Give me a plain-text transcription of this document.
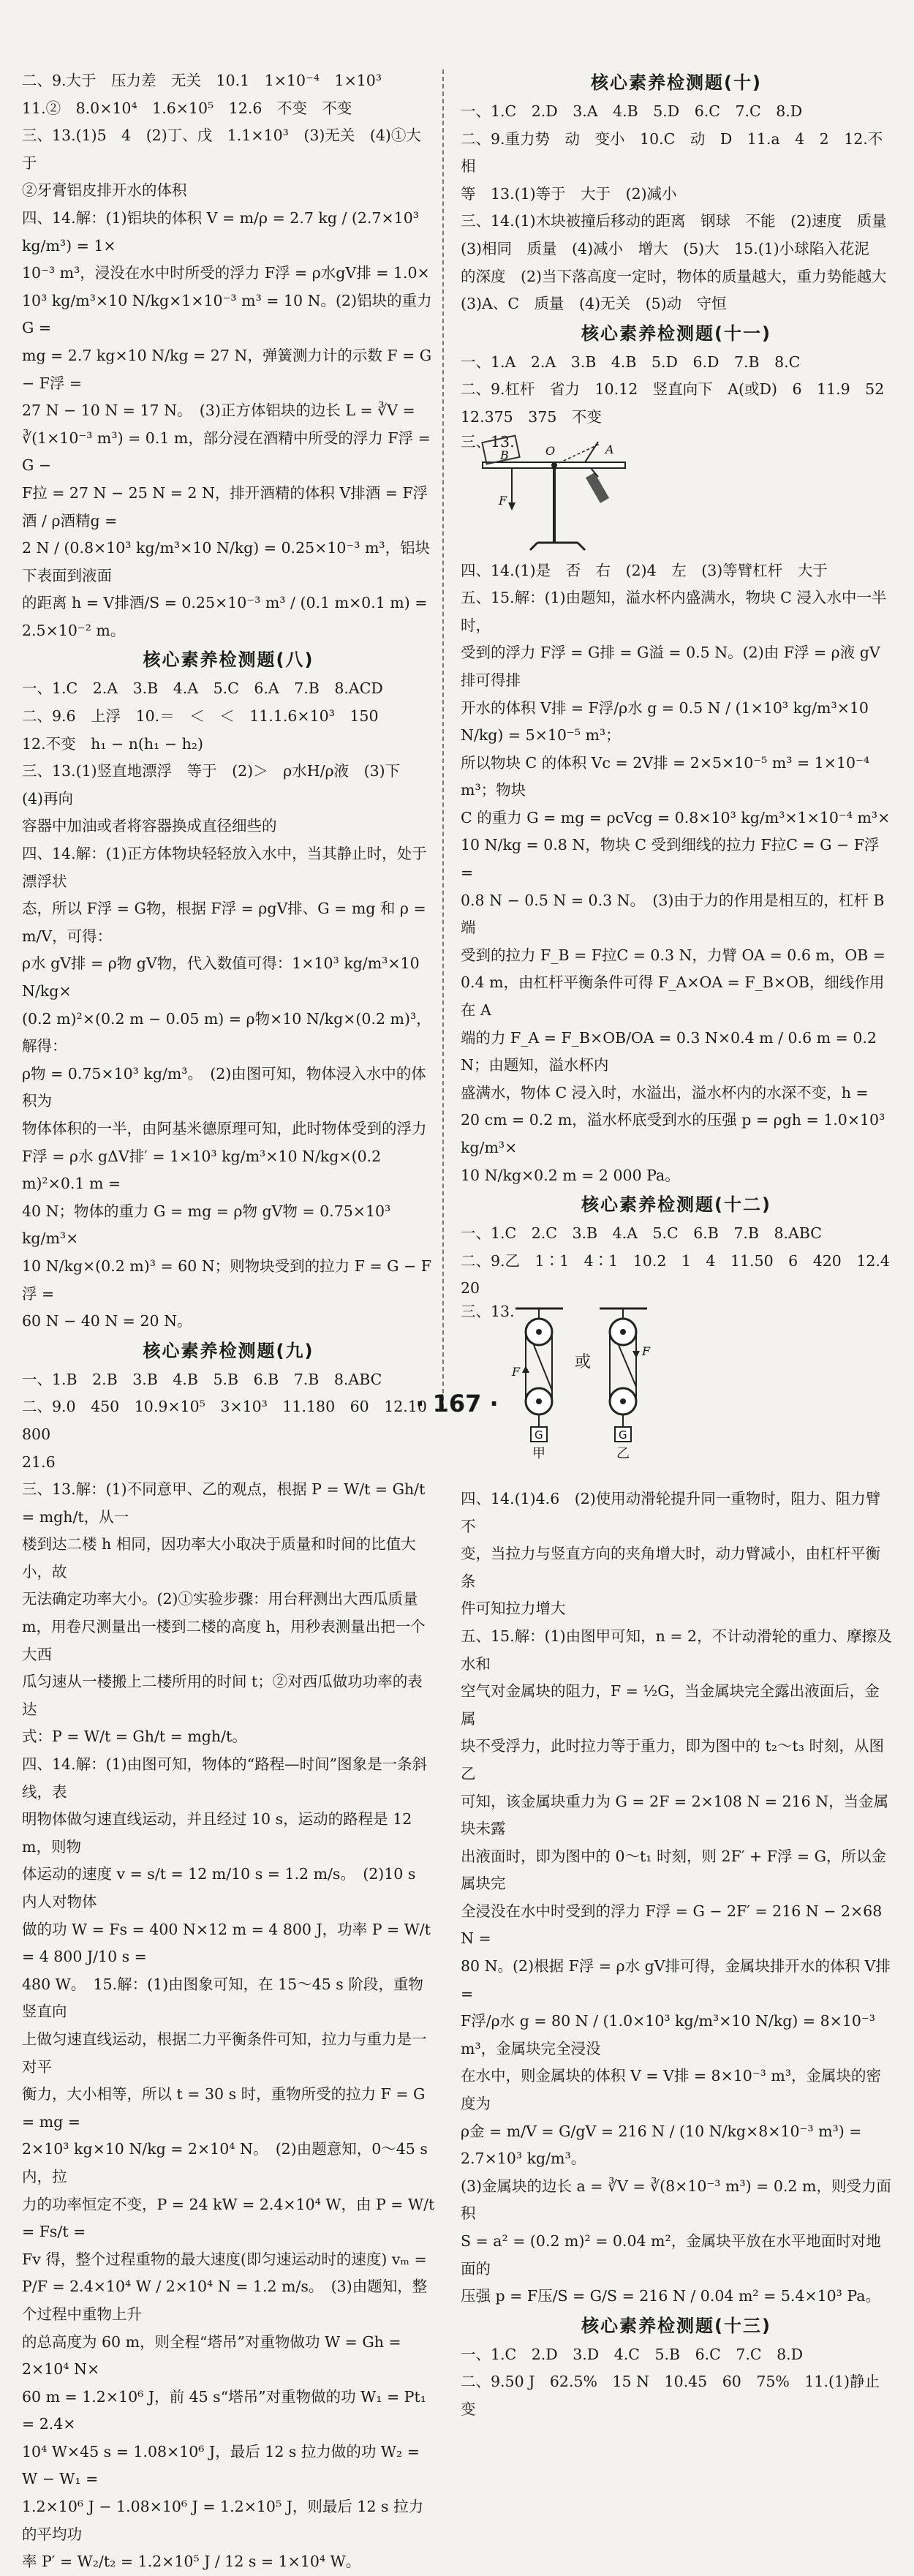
二、9.大于　压力差　无关　10.1　1×10⁻⁴　1×10³

11.②　8.0×10⁴　1.6×10⁵　12.6　不变　不变

三、13.(1)5　4　(2)丁、戊　1.1×10³　(3)无关　(4)①大于

②牙膏铝皮排开水的体积

四、14.解：(1)铝块的体积 V = m/ρ = 2.7 kg / (2.7×10³ kg/m³) = 1×

10⁻³ m³，浸没在水中时所受的浮力 F浮 = ρ水gV排 = 1.0×

10³ kg/m³×10 N/kg×1×10⁻³ m³ = 10 N。(2)铝块的重力G =

mg = 2.7 kg×10 N/kg = 27 N，弹簧测力计的示数 F = G − F浮 =

27 N − 10 N = 17 N。　(3)正方体铝块的边长 L = ∛V =

∛(1×10⁻³ m³) = 0.1 m，部分浸在酒精中所受的浮力 F浮 = G −

F拉 = 27 N − 25 N = 2 N，排开酒精的体积 V排酒 = F浮酒 / ρ酒精g =

2 N / (0.8×10³ kg/m³×10 N/kg) = 0.25×10⁻³ m³，铝块下表面到液面

的距离 h = V排酒/S = 0.25×10⁻³ m³ / (0.1 m×0.1 m) = 2.5×10⁻² m。

核心素养检测题(八)

一、1.C　2.A　3.B　4.A　5.C　6.A　7.B　8.ACD

二、9.6　上浮　10.＝　＜　＜　11.1.6×10³　150

12.不变　h₁ − n(h₁ − h₂)

三、13.(1)竖直地漂浮　等于　(2)＞　ρ水H/ρ液　(3)下　(4)再向

容器中加油或者将容器换成直径细些的

四、14.解：(1)正方体物块轻轻放入水中，当其静止时，处于漂浮状

态，所以 F浮 = G物，根据 F浮 = ρgV排、G = mg 和 ρ = m/V，可得：

ρ水 gV排 = ρ物 gV物，代入数值可得：1×10³ kg/m³×10 N/kg×

(0.2 m)²×(0.2 m − 0.05 m) = ρ物×10 N/kg×(0.2 m)³，解得：

ρ物 = 0.75×10³ kg/m³。　(2)由图可知，物体浸入水中的体积为

物体体积的一半，由阿基米德原理可知，此时物体受到的浮力

F浮 = ρ水 gΔV排′ = 1×10³ kg/m³×10 N/kg×(0.2 m)²×0.1 m =

40 N；物体的重力 G = mg = ρ物 gV物 = 0.75×10³ kg/m³×

10 N/kg×(0.2 m)³ = 60 N；则物块受到的拉力 F = G − F浮 =

60 N − 40 N = 20 N。

核心素养检测题(九)

一、1.B　2.B　3.B　4.B　5.B　6.B　7.B　8.ABC

二、9.0　450　10.9×10⁵　3×10³　11.180　60　12.10 800

21.6

三、13.解：(1)不同意甲、乙的观点，根据 P = W/t = Gh/t = mgh/t，从一

楼到达二楼 h 相同，因功率大小取决于质量和时间的比值大小，故

无法确定功率大小。(2)①实验步骤：用台秤测出大西瓜质量

m，用卷尺测量出一楼到二楼的高度 h，用秒表测量出把一个大西

瓜匀速从一楼搬上二楼所用的时间 t；②对西瓜做功功率的表达

式：P = W/t = Gh/t = mgh/t。

四、14.解：(1)由图可知，物体的“路程—时间”图象是一条斜线，表

明物体做匀速直线运动，并且经过 10 s，运动的路程是 12 m，则物

体运动的速度 v = s/t = 12 m/10 s = 1.2 m/s。　(2)10 s 内人对物体

做的功 W = Fs = 400 N×12 m = 4 800 J，功率 P = W/t = 4 800 J/10 s =

480 W。　15.解：(1)由图象可知，在 15～45 s 阶段，重物竖直向

上做匀速直线运动，根据二力平衡条件可知，拉力与重力是一对平

衡力，大小相等，所以 t = 30 s 时，重物所受的拉力 F = G = mg =

2×10³ kg×10 N/kg = 2×10⁴ N。　(2)由题意知，0～45 s 内，拉

力的功率恒定不变，P = 24 kW = 2.4×10⁴ W，由 P = W/t = Fs/t =

Fv 得，整个过程重物的最大速度(即匀速运动时的速度) vₘ =

P/F = 2.4×10⁴ W / 2×10⁴ N = 1.2 m/s。　(3)由题知，整个过程中重物上升

的总高度为 60 m，则全程“塔吊”对重物做功 W = Gh = 2×10⁴ N×

60 m = 1.2×10⁶ J，前 45 s“塔吊”对重物做的功 W₁ = Pt₁ = 2.4×

10⁴ W×45 s = 1.08×10⁶ J，最后 12 s 拉力做的功 W₂ = W − W₁ =

1.2×10⁶ J − 1.08×10⁶ J = 1.2×10⁵ J，则最后 12 s 拉力的平均功

率 P′ = W₂/t₂ = 1.2×10⁵ J / 12 s = 1×10⁴ W。

核心素养检测题(十)

一、1.C　2.D　3.A　4.B　5.D　6.C　7.C　8.D

二、9.重力势　动　变小　10.C　动　D　11.a　4　2　12.不相

等　13.(1)等于　大于　(2)减小

三、14.(1)木块被撞后移动的距离　钢球　不能　(2)速度　质量

(3)相同　质量　(4)减小　增大　(5)大　15.(1)小球陷入花泥

的深度　(2)当下落高度一定时，物体的质量越大，重力势能越大

(3)A、C　质量　(4)无关　(5)动　守恒

核心素养检测题(十一)

一、1.A　2.A　3.B　4.B　5.D　6.D　7.B　8.C

二、9.杠杆　省力　10.12　竖直向下　A(或D)　6　11.9　52

12.375　375　不变

三、13.
B	O	A
F

四、14.(1)是　否　右　(2)4　左　(3)等臂杠杆　大于

五、15.解：(1)由题知，溢水杯内盛满水，物块 C 浸入水中一半时，

受到的浮力 F浮 = G排 = G溢 = 0.5 N。(2)由 F浮 = ρ液 gV排可得排

开水的体积 V排 = F浮/ρ水 g = 0.5 N / (1×10³ kg/m³×10 N/kg) = 5×10⁻⁵ m³；

所以物块 C 的体积 Vc = 2V排 = 2×5×10⁻⁵ m³ = 1×10⁻⁴ m³；物块

C 的重力 G = mg = ρcVcg = 0.8×10³ kg/m³×1×10⁻⁴ m³×

10 N/kg = 0.8 N，物块 C 受到细线的拉力 F拉C = G − F浮 =

0.8 N − 0.5 N = 0.3 N。　(3)由于力的作用是相互的，杠杆 B 端

受到的拉力 F_B = F拉C = 0.3 N，力臂 OA = 0.6 m，OB =

0.4 m，由杠杆平衡条件可得 F_A×OA = F_B×OB，细线作用在 A

端的力 F_A = F_B×OB/OA = 0.3 N×0.4 m / 0.6 m = 0.2 N；由题知，溢水杯内

盛满水，物体 C 浸入时，水溢出，溢水杯内的水深不变，h =

20 cm = 0.2 m，溢水杯底受到水的压强 p = ρgh = 1.0×10³ kg/m³×

10 N/kg×0.2 m = 2 000 Pa。

核心素养检测题(十二)

一、1.C　2.C　3.B　4.A　5.C　6.B　7.B　8.ABC

二、9.乙　1∶1　4∶1　10.2　1　4　11.50　6　420　12.4　20

三、13.
F
F
G	G
或
甲	乙

四、14.(1)4.6　(2)使用动滑轮提升同一重物时，阻力、阻力臂不

变，当拉力与竖直方向的夹角增大时，动力臂减小，由杠杆平衡条

件可知拉力增大

五、15.解：(1)由图甲可知，n = 2，不计动滑轮的重力、摩擦及水和

空气对金属块的阻力，F = ½G，当金属块完全露出液面后，金属

块不受浮力，此时拉力等于重力，即为图中的 t₂～t₃ 时刻，从图乙

可知，该金属块重力为 G = 2F = 2×108 N = 216 N，当金属块未露

出液面时，即为图中的 0～t₁ 时刻，则 2F′ + F浮 = G，所以金属块完

全浸没在水中时受到的浮力 F浮 = G − 2F′ = 216 N − 2×68 N =

80 N。(2)根据 F浮 = ρ水 gV排可得，金属块排开水的体积 V排 =

F浮/ρ水 g = 80 N / (1.0×10³ kg/m³×10 N/kg) = 8×10⁻³ m³，金属块完全浸没

在水中，则金属块的体积 V = V排 = 8×10⁻³ m³，金属块的密度为

ρ金 = m/V = G/gV = 216 N / (10 N/kg×8×10⁻³ m³) = 2.7×10³ kg/m³。

(3)金属块的边长 a = ∛V = ∛(8×10⁻³ m³) = 0.2 m，则受力面积

S = a² = (0.2 m)² = 0.04 m²，金属块平放在水平地面时对地面的

压强 p = F压/S = G/S = 216 N / 0.04 m² = 5.4×10³ Pa。

核心素养检测题(十三)

一、1.C　2.D　3.D　4.C　5.B　6.C　7.C　8.D

二、9.50 J　62.5%　15 N　10.45　60　75%　11.(1)静止　变

· 167 ·
